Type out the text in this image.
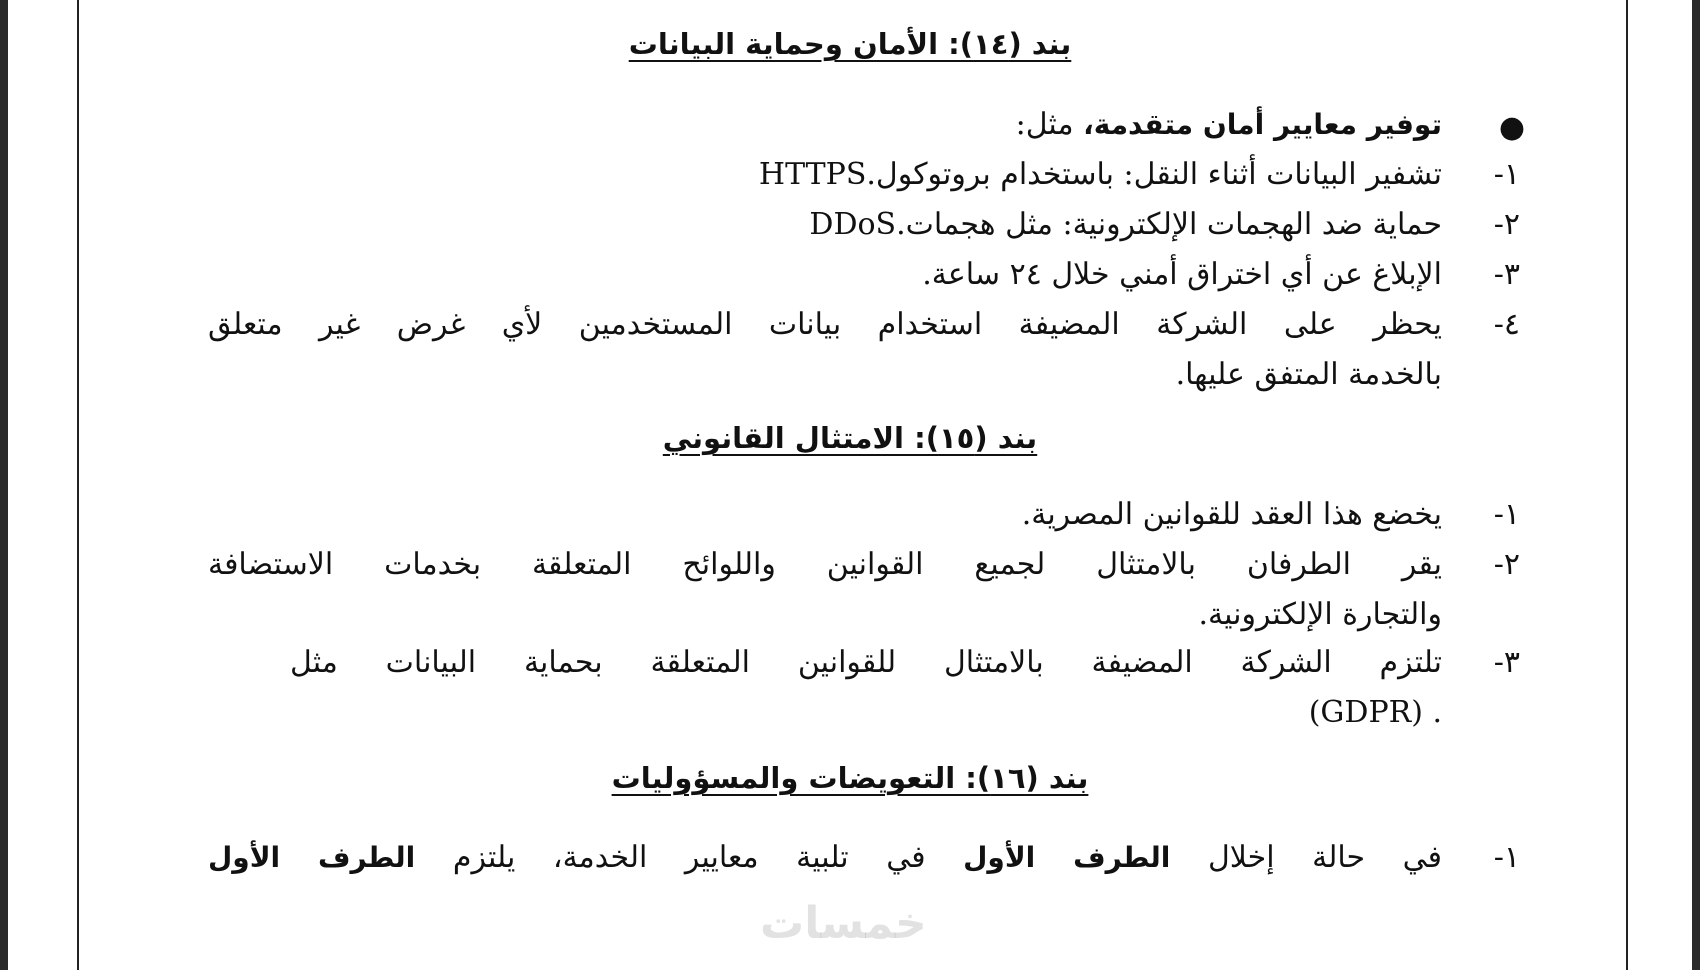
بند (١٤): الأمان وحماية البيانات
●
توفير معايير أمان متقدمة، مثل:
١-
تشفير البيانات أثناء النقل: باستخدام بروتوكول.HTTPS
٢-
حماية ضد الهجمات الإلكترونية: مثل هجمات.DDoS
٣-
الإبلاغ عن أي اختراق أمني خلال ٢٤ ساعة.
٤-
يحظر على الشركة المضيفة استخدام بيانات المستخدمين لأي غرض غير متعلق
بالخدمة المتفق عليها.
بند (١٥): الامتثال القانوني
١-
يخضع هذا العقد للقوانين المصرية.
٢-
يقر الطرفان بالامتثال لجميع القوانين واللوائح المتعلقة بخدمات الاستضافة
والتجارة الإلكترونية.
٣-
تلتزم الشركة المضيفة بالامتثال للقوانين المتعلقة بحماية البيانات مثل
. (GDPR)
بند (١٦): التعويضات والمسؤوليات
١-
في حالة إخلال الطرف الأول في تلبية معايير الخدمة، يلتزم الطرف الأول
خمسات
